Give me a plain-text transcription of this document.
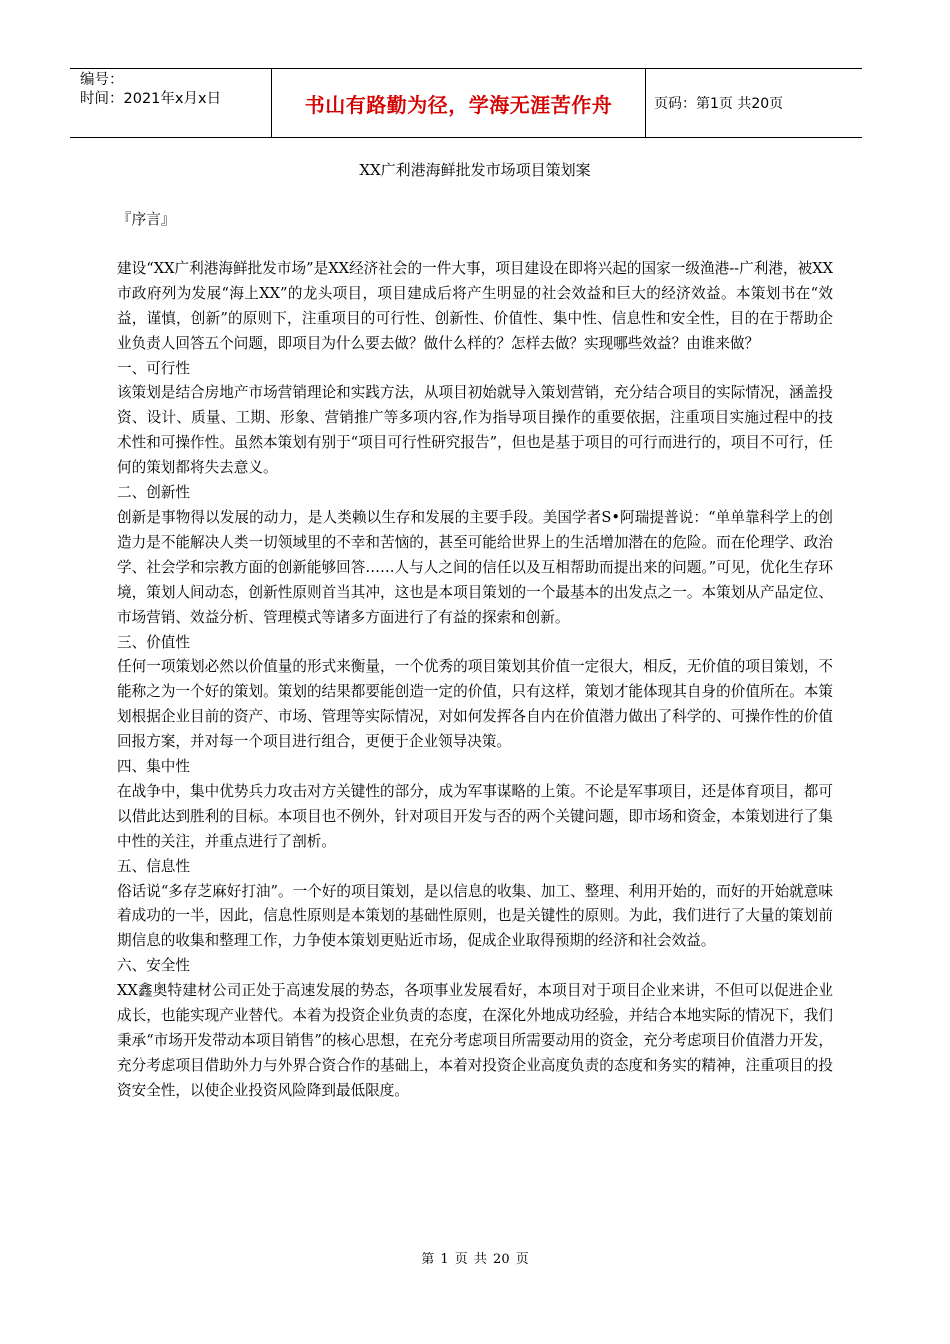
编号：
时间：2021年x月x日	书山有路勤为径，学海无涯苦作舟	页码：第1页 共20页
XX广利港海鲜批发市场项目策划案

『序言』

建设“XX广利港海鲜批发市场”是XX经济社会的一件大事，项目建设在即将兴起的国家一级渔港--广利港，被XX市政府列为发展“海上XX”的龙头项目，项目建成后将产生明显的社会效益和巨大的经济效益。本策划书在“效益，谨慎，创新”的原则下，注重项目的可行性、创新性、价值性、集中性、信息性和安全性，目的在于帮助企业负责人回答五个问题，即项目为什么要去做？做什么样的？怎样去做？实现哪些效益？由谁来做？

一、可行性

该策划是结合房地产市场营销理论和实践方法，从项目初始就导入策划营销，充分结合项目的实际情况，涵盖投资、设计、质量、工期、形象、营销推广等多项内容,作为指导项目操作的重要依据，注重项目实施过程中的技术性和可操作性。虽然本策划有别于“项目可行性研究报告”，但也是基于项目的可行而进行的，项目不可行，任何的策划都将失去意义。

二、创新性

创新是事物得以发展的动力，是人类赖以生存和发展的主要手段。美国学者S•阿瑞提普说：“单单靠科学上的创造力是不能解决人类一切领域里的不幸和苦恼的，甚至可能给世界上的生活增加潜在的危险。而在伦理学、政治学、社会学和宗教方面的创新能够回答……人与人之间的信任以及互相帮助而提出来的问题。”可见，优化生存环境，策划人间动态，创新性原则首当其冲，这也是本项目策划的一个最基本的出发点之一。本策划从产品定位、市场营销、效益分析、管理模式等诸多方面进行了有益的探索和创新。

三、价值性

任何一项策划必然以价值量的形式来衡量，一个优秀的项目策划其价值一定很大，相反，无价值的项目策划，不能称之为一个好的策划。策划的结果都要能创造一定的价值，只有这样，策划才能体现其自身的价值所在。本策划根据企业目前的资产、市场、管理等实际情况，对如何发挥各自内在价值潜力做出了科学的、可操作性的价值回报方案，并对每一个项目进行组合，更便于企业领导决策。

四、集中性

在战争中，集中优势兵力攻击对方关键性的部分，成为军事谋略的上策。不论是军事项目，还是体育项目，都可以借此达到胜利的目标。本项目也不例外，针对项目开发与否的两个关键问题，即市场和资金，本策划进行了集中性的关注，并重点进行了剖析。

五、信息性

俗话说“多存芝麻好打油”。一个好的项目策划，是以信息的收集、加工、整理、利用开始的，而好的开始就意味着成功的一半，因此，信息性原则是本策划的基础性原则，也是关键性的原则。为此，我们进行了大量的策划前期信息的收集和整理工作，力争使本策划更贴近市场，促成企业取得预期的经济和社会效益。

六、安全性

XX鑫奥特建材公司正处于高速发展的势态，各项事业发展看好，本项目对于项目企业来讲，不但可以促进企业成长，也能实现产业替代。本着为投资企业负责的态度，在深化外地成功经验，并结合本地实际的情况下，我们秉承“市场开发带动本项目销售”的核心思想，在充分考虑项目所需要动用的资金，充分考虑项目价值潜力开发，充分考虑项目借助外力与外界合资合作的基础上，本着对投资企业高度负责的态度和务实的精神，注重项目的投资安全性，以使企业投资风险降到最低限度。

第 1 页 共 20 页
